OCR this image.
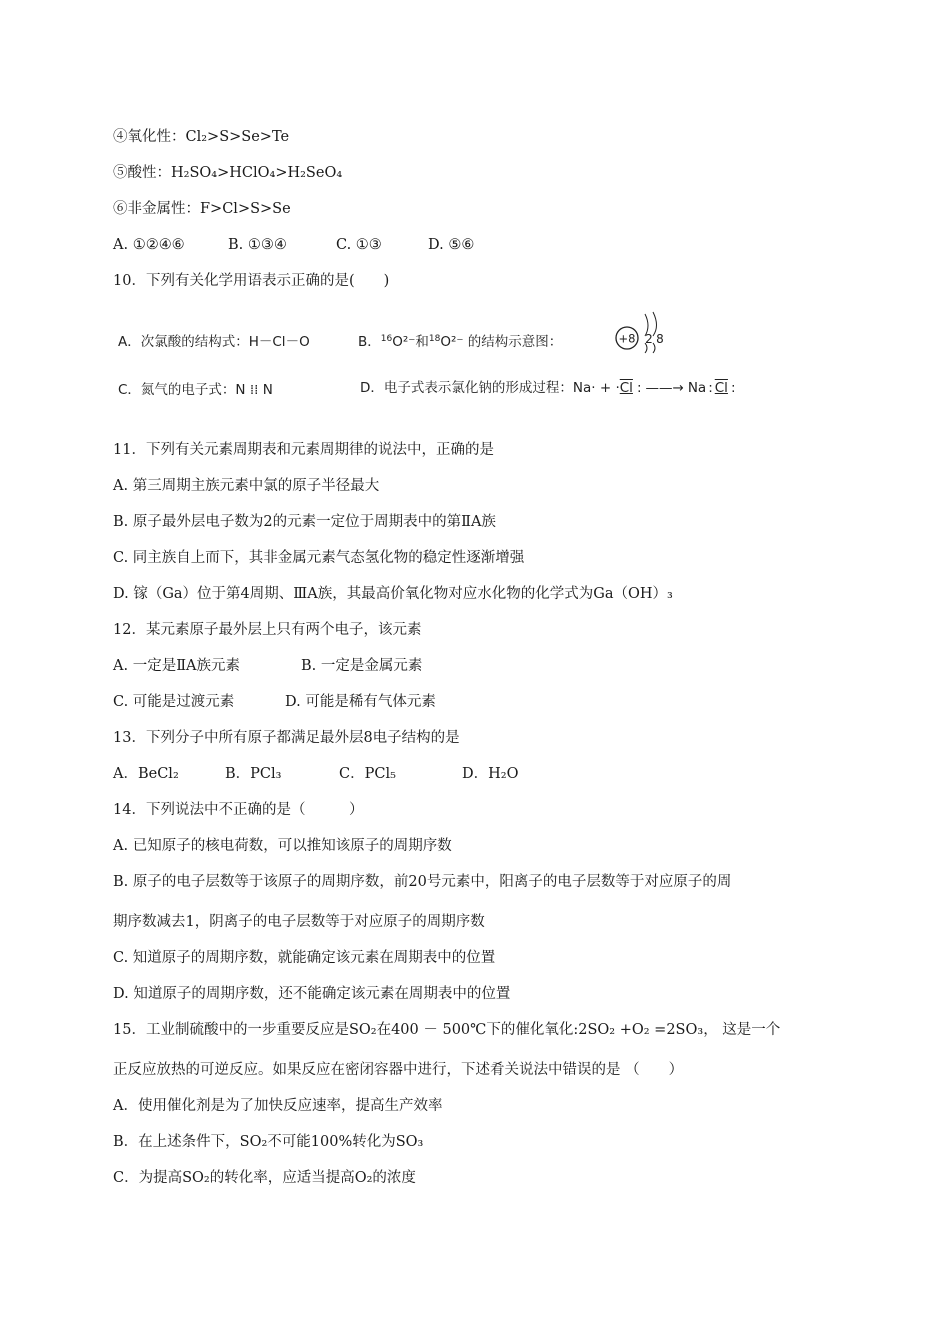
④氧化性：Cl₂>S>Se>Te
⑤酸性：H₂SO₄>HClO₄>H₂SeO₄
⑥非金属性：F>Cl>S>Se
A. ①②④⑥	B. ①③④	C. ①③	D. ⑤⑥
10．下列有关化学用语表示正确的是(　　)
A．次氯酸的结构式：H－Cl－O	B．$^{16}$O²⁻和$^{18}$O²⁻ 的结构示意图：	+8 2 8
C．氮气的电子式：N ⁞⁞ N	D．电子式表示氯化钠的形成过程：Na· + ·Cl : ——→ Na : Cl :
11．下列有关元素周期表和元素周期律的说法中，正确的是
A. 第三周期主族元素中氯的原子半径最大
B. 原子最外层电子数为2的元素一定位于周期表中的第ⅡA族
C. 同主族自上而下，其非金属元素气态氢化物的稳定性逐渐增强
D. 镓（Ga）位于第4周期、ⅢA族，其最高价氧化物对应水化物的化学式为Ga（OH）₃
12．某元素原子最外层上只有两个电子，该元素
A. 一定是ⅡA族元素	B. 一定是金属元素
C. 可能是过渡元素	D. 可能是稀有气体元素
13．下列分子中所有原子都满足最外层8电子结构的是
A．BeCl₂	B．PCl₃	C．PCl₅	D．H₂O
14．下列说法中不正确的是（　　　）
A. 已知原子的核电荷数，可以推知该原子的周期序数
B. 原子的电子层数等于该原子的周期序数，前20号元素中，阳离子的电子层数等于对应原子的周
期序数减去1，阴离子的电子层数等于对应原子的周期序数
C. 知道原子的周期序数，就能确定该元素在周期表中的位置
D. 知道原子的周期序数，还不能确定该元素在周期表中的位置
15．工业制硫酸中的一步重要反应是SO₂在400 － 500℃下的催化氧化:2SO₂ +O₂ =2SO₃， 这是一个
正反应放热的可逆反应。如果反应在密闭容器中进行，下述肴关说法中错误的是 （　　）
A．使用催化剂是为了加快反应速率，提高生产效率
B．在上述条件下，SO₂不可能100%转化为SO₃
C．为提高SO₂的转化率，应适当提高O₂的浓度
